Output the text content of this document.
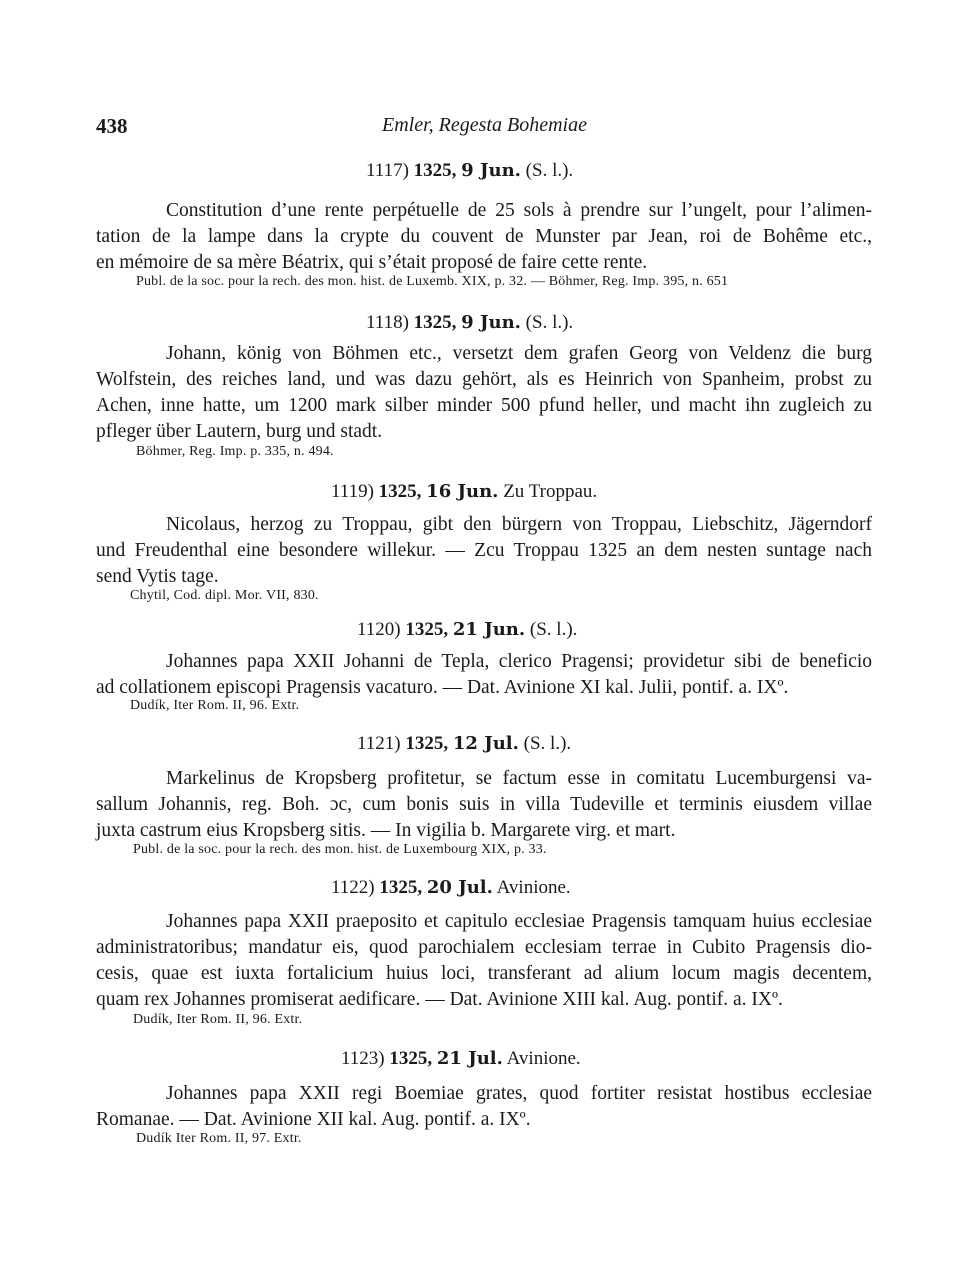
438	Emler, Regesta Bohemiae
1117) 1325, 9 Jun. (S. l.).
Constitution d’une rente perpétuelle de 25 sols à prendre sur l’ungelt, pour l’alimen-
tation de la lampe dans la crypte du couvent de Munster par Jean, roi de Bohême etc.,
en mémoire de sa mère Béatrix, qui s’était proposé de faire cette rente.
Publ. de la soc. pour la rech. des mon. hist. de Luxemb. XIX, p. 32. — Böhmer, Reg. Imp. 395, n. 651
1118) 1325, 9 Jun. (S. l.).
Johann, könig von Böhmen etc., versetzt dem grafen Georg von Veldenz die burg
Wolfstein, des reiches land, und was dazu gehört, als es Heinrich von Spanheim, probst zu
Achen, inne hatte, um 1200 mark silber minder 500 pfund heller, und macht ihn zugleich zu
pfleger über Lautern, burg und stadt.
Böhmer, Reg. Imp. p. 335, n. 494.
1119) 1325, 16 Jun. Zu Troppau.
Nicolaus, herzog zu Troppau, gibt den bürgern von Troppau, Liebschitz, Jägerndorf
und Freudenthal eine besondere willekur. — Zcu Troppau 1325 an dem nesten suntage nach
send Vytis tage.
Chytil, Cod. dipl. Mor. VII, 830.
1120) 1325, 21 Jun. (S. l.).
Johannes papa XXII Johanni de Tepla, clerico Pragensi; providetur sibi de beneficio
ad collationem episcopi Pragensis vacaturo. — Dat. Avinione XI kal. Julii, pontif. a. IXº.
Dudík, Iter Rom. II, 96. Extr.
1121) 1325, 12 Jul. (S. l.).
Markelinus de Kropsberg profitetur, se factum esse in comitatu Lucemburgensi va-
sallum Johannis, reg. Boh. ɔc, cum bonis suis in villa Tudeville et terminis eiusdem villae
juxta castrum eius Kropsberg sitis. — In vigilia b. Margarete virg. et mart.
Publ. de la soc. pour la rech. des mon. hist. de Luxembourg XIX, p. 33.
1122) 1325, 20 Jul. Avinione.
Johannes papa XXII praeposito et capitulo ecclesiae Pragensis tamquam huius ecclesiae
administratoribus; mandatur eis, quod parochialem ecclesiam terrae in Cubito Pragensis dio-
cesis, quae est iuxta fortalicium huius loci, transferant ad alium locum magis decentem,
quam rex Johannes promiserat aedificare. — Dat. Avinione XIII kal. Aug. pontif. a. IXº.
Dudík, Iter Rom. II, 96. Extr.
1123) 1325, 21 Jul. Avinione.
Johannes papa XXII regi Boemiae grates, quod fortiter resistat hostibus ecclesiae
Romanae. — Dat. Avinione XII kal. Aug. pontif. a. IXº.
Dudík Iter Rom. II, 97. Extr.
